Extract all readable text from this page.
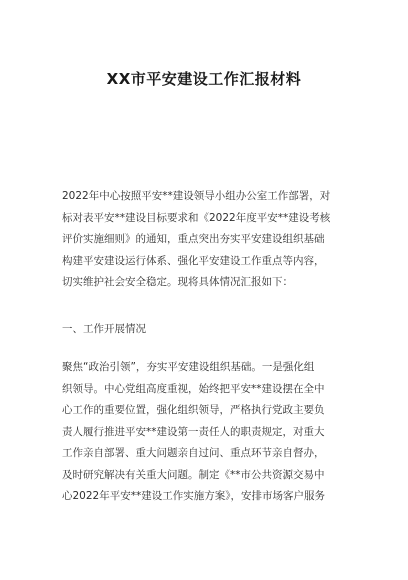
XX市平安建设工作汇报材料
2022年中心按照平安**建设领导小组办公室工作部署，对
标对表平安**建设目标要求和《2022年度平安**建设考核
评价实施细则》的通知，重点突出夯实平安建设组织基础
构建平安建设运行体系、强化平安建设工作重点等内容，
切实维护社会安全稳定。现将具体情况汇报如下：
一、工作开展情况
聚焦“政治引领”，夯实平安建设组织基础。一是强化组
织领导。中心党组高度重视，始终把平安**建设摆在全中
心工作的重要位置，强化组织领导，严格执行党政主要负
责人履行推进平安**建设第一责任人的职责规定，对重大
工作亲自部署、重大问题亲自过问、重点环节亲自督办，
及时研究解决有关重大问题。制定《**市公共资源交易中
心2022年平安**建设工作实施方案》，安排市场客户服务
